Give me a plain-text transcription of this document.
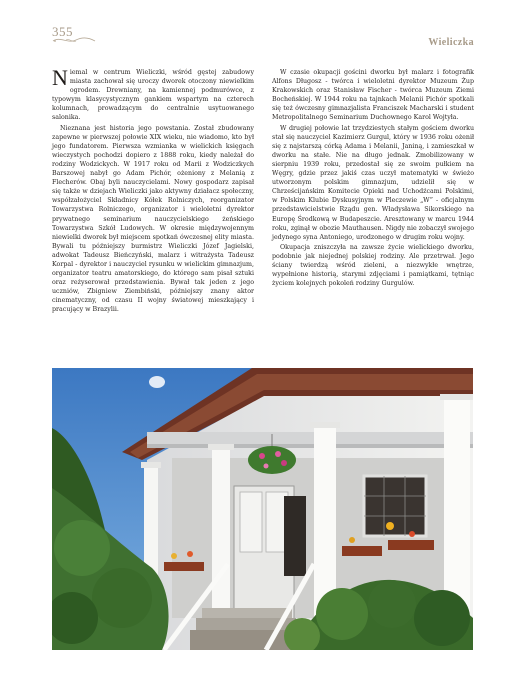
355
Wieliczka

Niemal w centrum Wieliczki, wśród gęstej zabudowy miasta zachował się uroczy dworek otoczony niewielkim ogrodem. Drewniany, na kamiennej podmurówce, z typowym klasycystycznym gankiem wspartym na czterech kolumnach, prowadzącym do centralnie usytuowanego salonika.

Nieznana jest historia jego powstania. Został zbudowany zapewne w pierwszej połowie XIX wieku, nie wiadomo, kto był jego fundatorem. Pierwsza wzmianka w wielickich księgach wieczystych pochodzi dopiero z 1888 roku, kiedy należał do rodziny Wodzickych. W 1917 roku od Marii z Wodziczkych Barszowej nabył go Adam Pichór, ożeniony z Melanią z Flecherów. Obaj byli nauczycielami. Nowy gospodarz zapisał się także w dziejach Wieliczki jako aktywny działacz społeczny, współzałożyciel Składnicy Kółek Rolniczych, reorganizator Towarzystwa Rolniczego, organizator i wieloletni dyrektor prywatnego seminarium nauczycielskiego żeńskiego Towarzystwa Szkół Ludowych. W okresie międzywojennym niewielki dworek był miejscem spotkań ówczesnej elity miasta. Bywali tu późniejszy burmistrz Wieliczki Józef Jagielski, adwokat Tadeusz Bieńczyński, malarz i witrażysta Tadeusz Korpal - dyrektor i nauczyciel rysunku w wielickim gimnazjum, organizator teatru amatorskiego, do którego sam pisał sztuki oraz reżyserował przedstawienia. Bywał tak jeden z jego uczniów, Zbigniew Ziembiński, późniejszy znany aktor cinematyczny, od czasu II wojny światowej mieszkający i pracujący w Brazylii.

W czasie okupacji gościni dworku był malarz i fotografik Alfons Długosz - twórca i wieloletni dyrektor Muzeum Żup Krakowskich oraz Stanisław Fischer - twórca Muzeum Ziemi Bocheńskiej. W 1944 roku na tajnkach Melanii Pichór spotkali się też ówczesny gimnazjalista Franciszek Macharski i student Metropolitalnego Seminarium Duchownego Karol Wojtyła.

W drugiej połowie lat trzydziestych stałym gościem dworku stał się nauczyciel Kazimierz Gurgul, który w 1936 roku ożenił się z najstarszą córką Adama i Melanii, Janiną, i zamieszkał w dworku na stałe. Nie na długo jednak. Zmobilizowany w sierpniu 1939 roku, przedostał się ze swoim pułkiem na Węgry, gdzie przez jakiś czas uczył matematyki w świeżo utworzonym polskim gimnazjum, udzielił się w Chrześcijańskim Komitecie Opieki nad Uchodźcami Polskimi, w Polskim Klubie Dyskusyjnym w Pleczewie „W” - oficjalnym przedstawicielstwie Rządu gen. Władysława Sikorskiego na Europę Środkową w Budapeszcie. Aresztowany w marcu 1944 roku, zginął w obozie Mauthausen. Nigdy nie zobaczył swojego jedynego syna Antoniego, urodzonego w drugim roku wojny.

Okupacja zniszczyła na zawsze życie wielickiego dworku, podobnie jak niejednej polskiej rodziny. Ale przetrwał. Jego ściany twierdzą wśród zieleni, a niezwykłe wnętrze, wypełnione historią, starymi zdjęciami i pamiątkami, tętniąc życiem kolejnych pokoleń rodziny Gurgulów.
